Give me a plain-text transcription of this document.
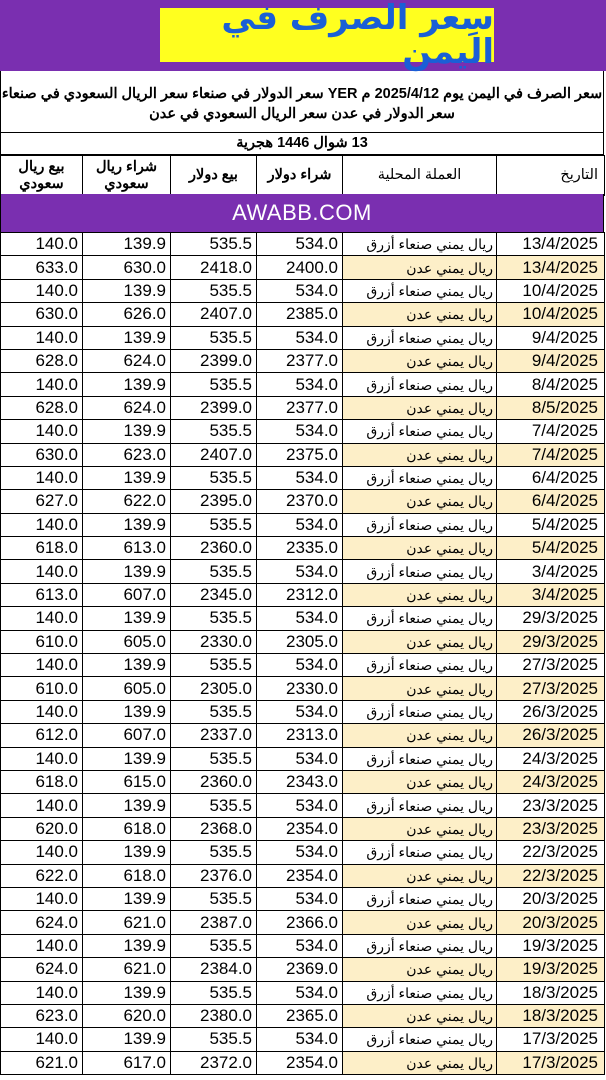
سِعر الصرف في اليمن
سعر الصرف في اليمن يوم 2025/4/12 م YER سعر الدولار في صنعاء سعر الريال السعودي في صنعاء
سعر الدولار في عدن سعر الريال السعودي في عدن
13 شوال 1446 هجرية
بيع ريال سعودي	شراء ريال سعودي	بيع دولار	شراء دولار	العملة المحلية	التاريخ
AWABB.COM
140.0	139.9	535.5	534.0	ريال يمني صنعاء أزرق	13/4/2025
633.0	630.0	2418.0	2400.0	ريال يمني عدن	13/4/2025
140.0	139.9	535.5	534.0	ريال يمني صنعاء أزرق	10/4/2025
630.0	626.0	2407.0	2385.0	ريال يمني عدن	10/4/2025
140.0	139.9	535.5	534.0	ريال يمني صنعاء أزرق	9/4/2025
628.0	624.0	2399.0	2377.0	ريال يمني عدن	9/4/2025
140.0	139.9	535.5	534.0	ريال يمني صنعاء أزرق	8/4/2025
628.0	624.0	2399.0	2377.0	ريال يمني عدن	8/5/2025
140.0	139.9	535.5	534.0	ريال يمني صنعاء أزرق	7/4/2025
630.0	623.0	2407.0	2375.0	ريال يمني عدن	7/4/2025
140.0	139.9	535.5	534.0	ريال يمني صنعاء أزرق	6/4/2025
627.0	622.0	2395.0	2370.0	ريال يمني عدن	6/4/2025
140.0	139.9	535.5	534.0	ريال يمني صنعاء أزرق	5/4/2025
618.0	613.0	2360.0	2335.0	ريال يمني عدن	5/4/2025
140.0	139.9	535.5	534.0	ريال يمني صنعاء أزرق	3/4/2025
613.0	607.0	2345.0	2312.0	ريال يمني عدن	3/4/2025
140.0	139.9	535.5	534.0	ريال يمني صنعاء أزرق	29/3/2025
610.0	605.0	2330.0	2305.0	ريال يمني عدن	29/3/2025
140.0	139.9	535.5	534.0	ريال يمني صنعاء أزرق	27/3/2025
610.0	605.0	2305.0	2330.0	ريال يمني عدن	27/3/2025
140.0	139.9	535.5	534.0	ريال يمني صنعاء أزرق	26/3/2025
612.0	607.0	2337.0	2313.0	ريال يمني عدن	26/3/2025
140.0	139.9	535.5	534.0	ريال يمني صنعاء أزرق	24/3/2025
618.0	615.0	2360.0	2343.0	ريال يمني عدن	24/3/2025
140.0	139.9	535.5	534.0	ريال يمني صنعاء أزرق	23/3/2025
620.0	618.0	2368.0	2354.0	ريال يمني عدن	23/3/2025
140.0	139.9	535.5	534.0	ريال يمني صنعاء أزرق	22/3/2025
622.0	618.0	2376.0	2354.0	ريال يمني عدن	22/3/2025
140.0	139.9	535.5	534.0	ريال يمني صنعاء أزرق	20/3/2025
624.0	621.0	2387.0	2366.0	ريال يمني عدن	20/3/2025
140.0	139.9	535.5	534.0	ريال يمني صنعاء أزرق	19/3/2025
624.0	621.0	2384.0	2369.0	ريال يمني عدن	19/3/2025
140.0	139.9	535.5	534.0	ريال يمني صنعاء أزرق	18/3/2025
623.0	620.0	2380.0	2365.0	ريال يمني عدن	18/3/2025
140.0	139.9	535.5	534.0	ريال يمني صنعاء أزرق	17/3/2025
621.0	617.0	2372.0	2354.0	ريال يمني عدن	17/3/2025
